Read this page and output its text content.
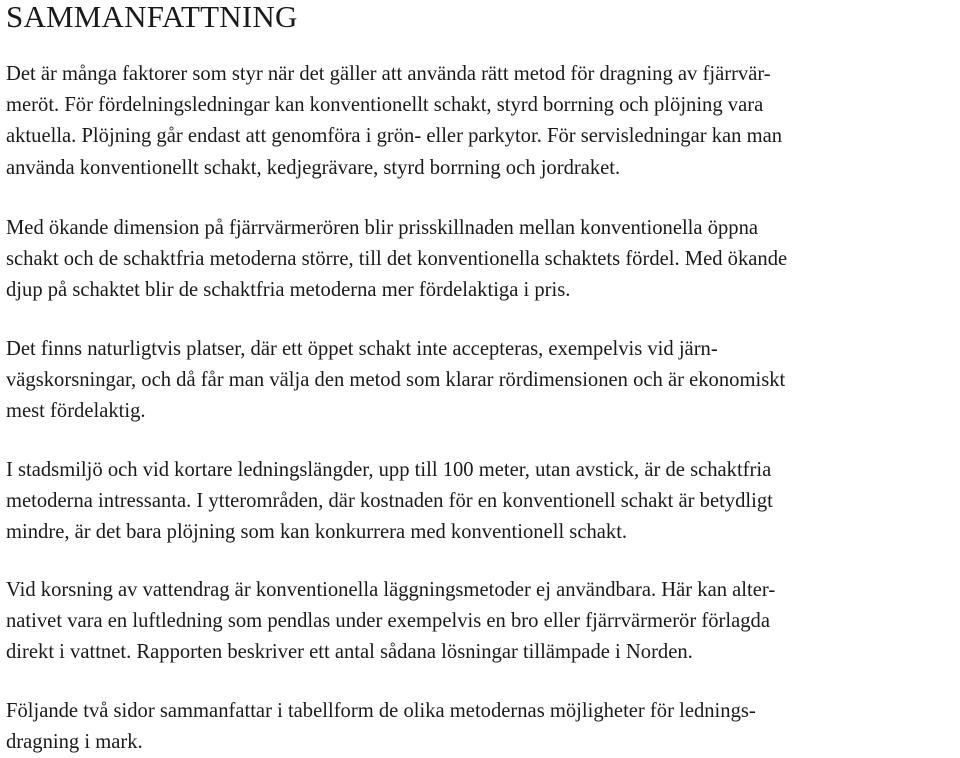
SAMMANFATTNING

Det är många faktorer som styr när det gäller att använda rätt metod för dragning av fjärrvär-
meröt. För fördelningsledningar kan konventionellt schakt, styrd borrning och plöjning vara
aktuella. Plöjning går endast att genomföra i grön- eller parkytor. För servisledningar kan man
använda konventionellt schakt, kedjegrävare, styrd borrning och jordraket.

Med ökande dimension på fjärrvärmerören blir prisskillnaden mellan konventionella öppna
schakt och de schaktfria metoderna större, till det konventionella schaktets fördel. Med ökande
djup på schaktet blir de schaktfria metoderna mer fördelaktiga i pris.

Det finns naturligtvis platser, där ett öppet schakt inte accepteras, exempelvis vid järn-
vägskorsningar, och då får man välja den metod som klarar rördimensionen och är ekonomiskt
mest fördelaktig.

I stadsmiljö och vid kortare ledningslängder, upp till 100 meter, utan avstick, är de schaktfria
metoderna intressanta. I ytterområden, där kostnaden för en konventionell schakt är betydligt
mindre, är det bara plöjning som kan konkurrera med konventionell schakt.

Vid korsning av vattendrag är konventionella läggningsmetoder ej användbara. Här kan alter-
nativet vara en luftledning som pendlas under exempelvis en bro eller fjärrvärmerör förlagda
direkt i vattnet. Rapporten beskriver ett antal sådana lösningar tillämpade i Norden.

Följande två sidor sammanfattar i tabellform de olika metodernas möjligheter för lednings-
dragning i mark.
